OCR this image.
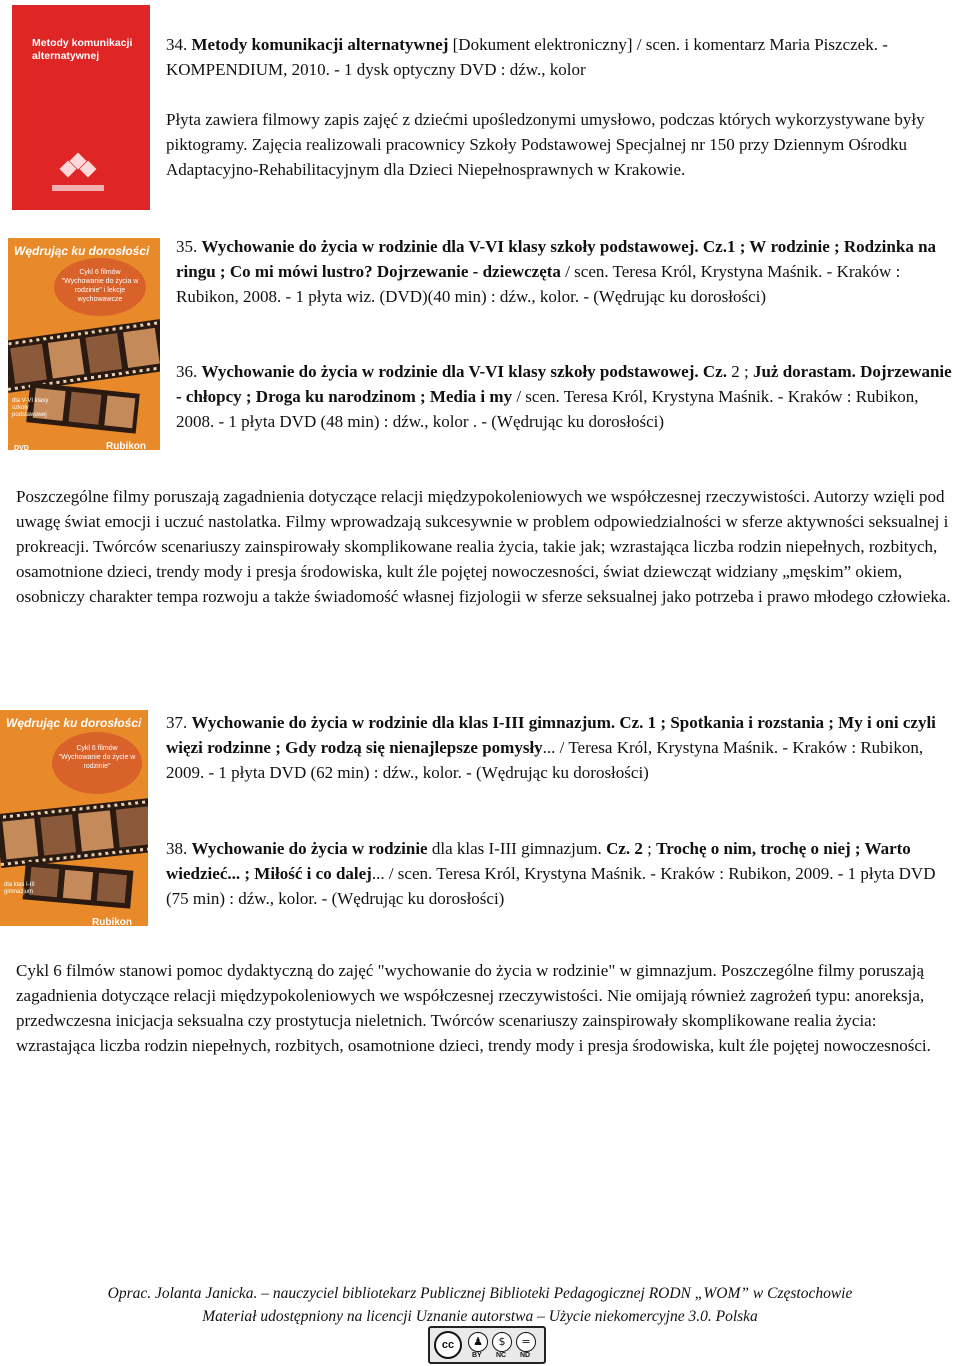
Metody komunikacji alternatywnej

34. Metody komunikacji alternatywnej [Dokument elektroniczny] / scen. i komentarz Maria Piszczek. - KOMPENDIUM, 2010. - 1 dysk optyczny DVD : dźw., kolor

Płyta zawiera filmowy zapis zajęć z dziećmi upośledzonymi umysłowo, podczas których wykorzystywane były piktogramy. Zajęcia realizowali pracownicy Szkoły Podstawowej Specjalnej nr 150 przy Dziennym Ośrodku Adaptacyjno-Rehabilitacyjnym dla Dzieci Niepełnosprawnych w Krakowie.

Wędrując ku dorosłości
Cykl 6 filmów "Wychowanie do życia w rodzinie" i lekcje wychowawcze
dla V-VI klasy szkoły podstawowej
DVD	Rubikon

35. Wychowanie do życia w rodzinie dla V-VI klasy szkoły podstawowej. Cz.1 ; W rodzinie ; Rodzinka na ringu ; Co mi mówi lustro? Dojrzewanie - dziewczęta / scen. Teresa Król, Krystyna Maśnik. - Kraków : Rubikon, 2008. - 1 płyta wiz. (DVD)(40 min) : dźw., kolor. - (Wędrując ku dorosłości)

36. Wychowanie do życia w rodzinie dla V-VI klasy szkoły podstawowej. Cz. 2 ; Już dorastam. Dojrzewanie - chłopcy ; Droga ku narodzinom ; Media i my / scen. Teresa Król, Krystyna Maśnik. - Kraków : Rubikon, 2008. - 1 płyta DVD (48 min) : dźw., kolor . - (Wędrując ku dorosłości)

Poszczególne filmy poruszają zagadnienia dotyczące relacji międzypokoleniowych we współczesnej rzeczywistości. Autorzy wzięli pod uwagę świat emocji i uczuć nastolatka. Filmy wprowadzają sukcesywnie w problem odpowiedzialności w sferze aktywności seksualnej i prokreacji. Twórców scenariuszy zainspirowały skomplikowane realia życia, takie jak; wzrastająca liczba rodzin niepełnych, rozbitych, osamotnione dzieci, trendy mody i presja środowiska, kult źle pojętej nowoczesności, świat dziewcząt widziany „męskim” okiem, osobniczy charakter tempa rozwoju a także świadomość własnej fizjologii w sferze seksualnej jako potrzeba i prawo młodego człowieka.

Wędrując ku dorosłości
Cykl 6 filmów "Wychowanie do życie w rodzinie"
dla klas I-III gimnazjum
Rubikon

37. Wychowanie do życia w rodzinie dla klas I-III gimnazjum. Cz. 1 ; Spotkania i rozstania ; My i oni czyli więzi rodzinne ; Gdy rodzą się nienajlepsze pomysły... / Teresa Król, Krystyna Maśnik. - Kraków : Rubikon, 2009. - 1 płyta DVD (62 min) : dźw., kolor. - (Wędrując ku dorosłości)

38. Wychowanie do życia w rodzinie dla klas I-III gimnazjum. Cz. 2 ; Trochę o nim, trochę o niej ; Warto wiedzieć... ; Miłość i co dalej... / scen. Teresa Król, Krystyna Maśnik. - Kraków : Rubikon, 2009. - 1 płyta DVD (75 min) : dźw., kolor. - (Wędrując ku dorosłości)

Cykl 6 filmów stanowi pomoc dydaktyczną do zajęć "wychowanie do życia w rodzinie" w gimnazjum. Poszczególne filmy poruszają zagadnienia dotyczące relacji międzypokoleniowych we współczesnej rzeczywistości. Nie omijają również zagrożeń typu: anoreksja, przedwczesna inicjacja seksualna czy prostytucja nieletnich. Twórców scenariuszy zainspirowały skomplikowane realia życia: wzrastająca liczba rodzin niepełnych, rozbitych, osamotnione dzieci, trendy mody i presja środowiska, kult źle pojętej nowoczesności.

Oprac. Jolanta Janicka. – nauczyciel bibliotekarz Publicznej Biblioteki Pedagogicznej RODN „WOM” w Częstochowie
Materiał udostępniony na licencji Uznanie autorstwa – Użycie niekomercyjne 3.0. Polska
cc	♟	$	=
BY NC ND
